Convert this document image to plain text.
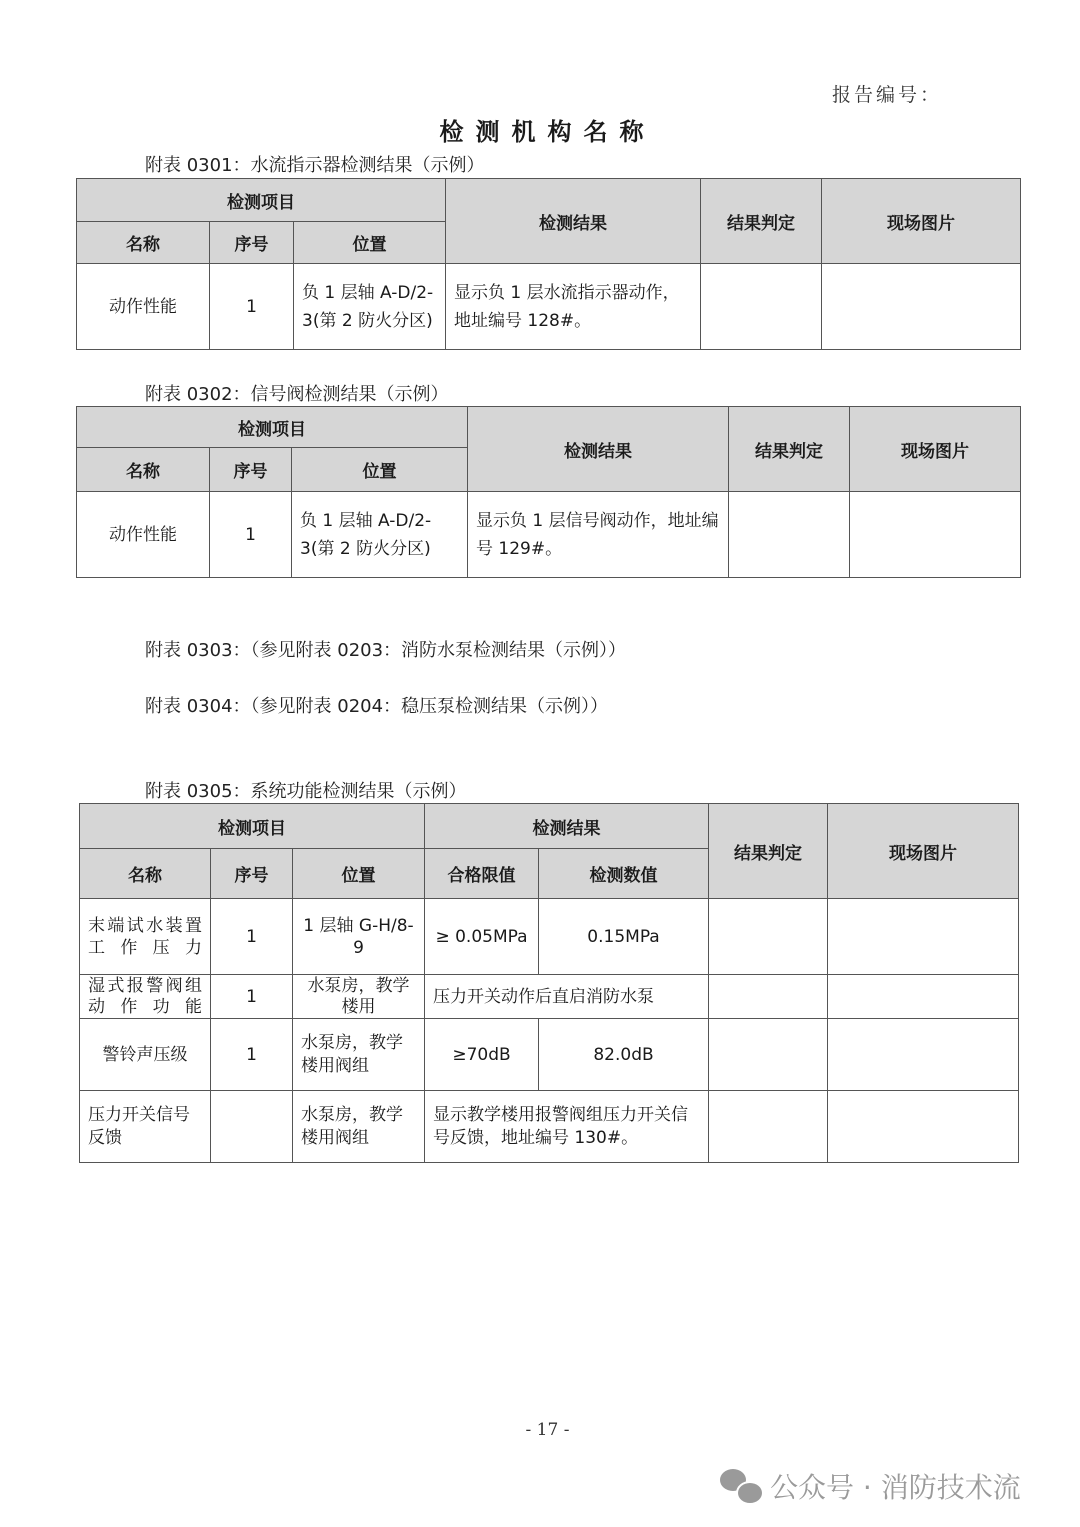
报告编号：
检测机构名称
附表 0301：水流指示器检测结果（示例）
检测项目			检测结果	结果判定	现场图片
名称	序号	位置			
动作性能	1	负 1 层轴 A-D/2-3(第 2 防火分区)	显示负 1 层水流指示器动作，地址编号 128#。		
附表 0302：信号阀检测结果（示例）
检测项目			检测结果	结果判定	现场图片
名称	序号	位置			
动作性能	1	负 1 层轴 A-D/2-3(第 2 防火分区)	显示负 1 层信号阀动作，地址编号 129#。		
附表 0303：（参见附表 0203：消防水泵检测结果（示例））
附表 0304：（参见附表 0204：稳压泵检测结果（示例））
附表 0305：系统功能检测结果（示例）
检测项目			检测结果		结果判定	现场图片
名称	序号	位置	合格限值	检测数值		
末端试水装置工作压力	1	1 层轴 G-H/8-9	≥ 0.05MPa	0.15MPa		
湿式报警阀组动作功能	1	水泵房，教学楼用	压力开关动作后直启消防水泵			
警铃声压级	1	水泵房，教学楼用阀组	≥70dB	82.0dB		
压力开关信号反馈		水泵房，教学楼用阀组	显示教学楼用报警阀组压力开关信号反馈，地址编号 130#。			
- 17 -
公众号 · 消防技术流
